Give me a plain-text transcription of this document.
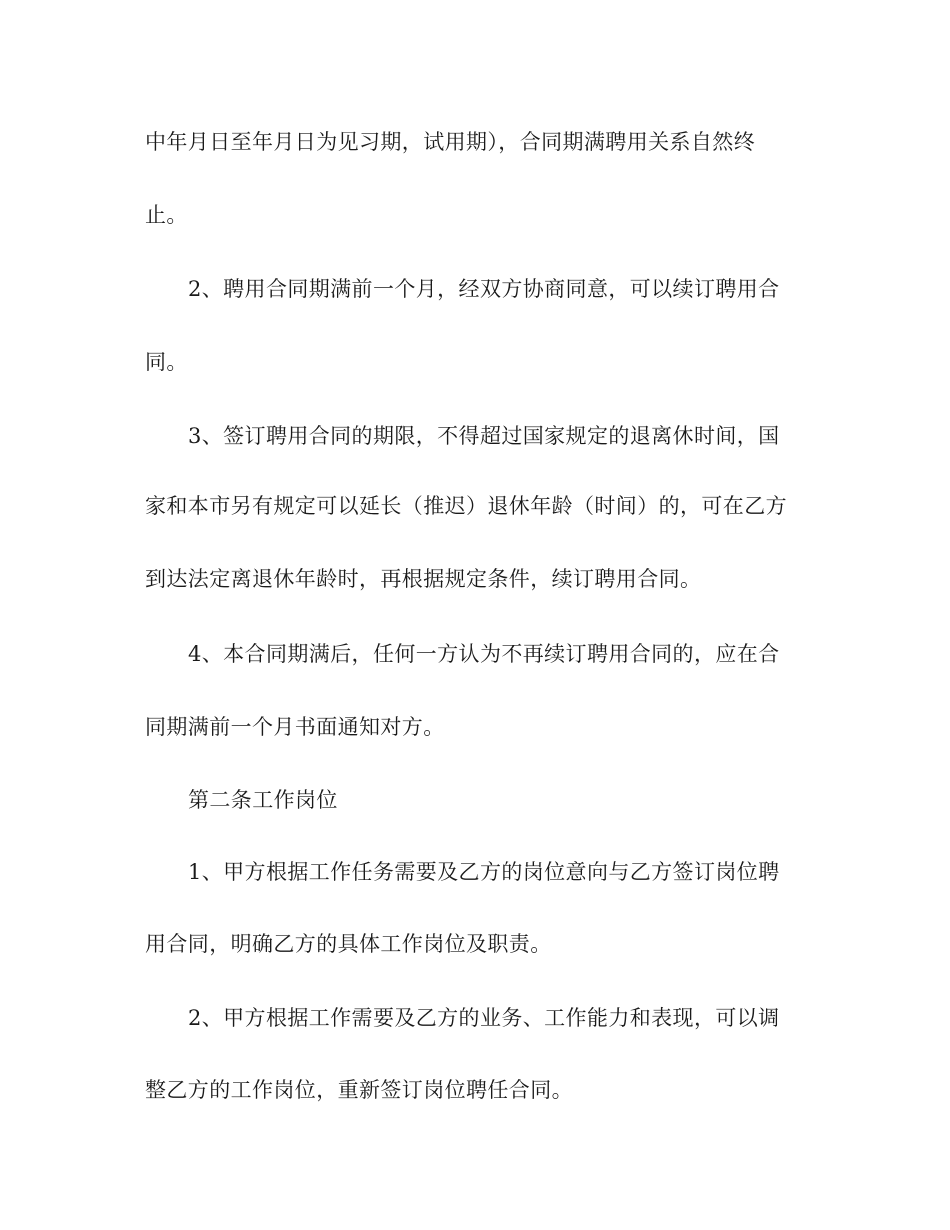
中年月日至年月日为见习期，试用期），合同期满聘用关系自然终
止。
2、聘用合同期满前一个月，经双方协商同意，可以续订聘用合
同。
3、签订聘用合同的期限，不得超过国家规定的退离休时间，国
家和本市另有规定可以延长（推迟）退休年龄（时间）的，可在乙方
到达法定离退休年龄时，再根据规定条件，续订聘用合同。
4、本合同期满后，任何一方认为不再续订聘用合同的，应在合
同期满前一个月书面通知对方。
第二条工作岗位
1、甲方根据工作任务需要及乙方的岗位意向与乙方签订岗位聘
用合同，明确乙方的具体工作岗位及职责。
2、甲方根据工作需要及乙方的业务、工作能力和表现，可以调
整乙方的工作岗位，重新签订岗位聘任合同。
